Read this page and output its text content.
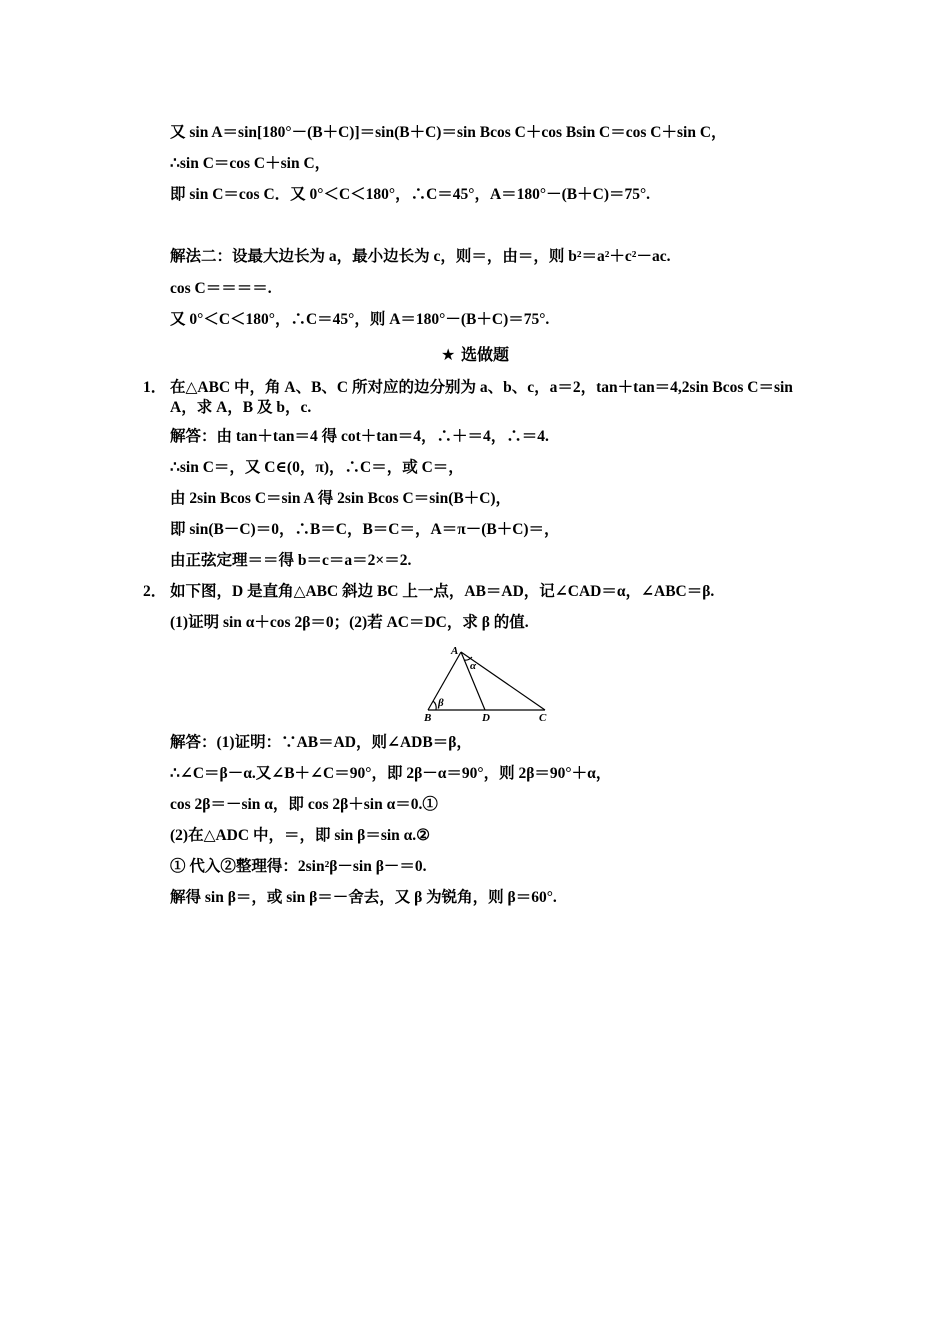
又 sin A＝sin[180°－(B＋C)]＝sin(B＋C)＝sin Bcos C＋cos Bsin C＝cos C＋sin C，
∴sin C＝cos C＋sin C，
即 sin C＝cos C．又 0°＜C＜180°，∴C＝45°，A＝180°－(B＋C)＝75°.
解法二：设最大边长为 a，最小边长为 c，则＝，由＝，则 b²＝a²＋c²－ac.
cos C＝＝＝＝.
又 0°＜C＜180°，∴C＝45°，则 A＝180°－(B＋C)＝75°.
★ 选做题
1． 在△ABC 中，角 A、B、C 所对应的边分别为 a、b、c，a＝2，tan＋tan＝4,2sin Bcos C＝sin A，求 A，B 及 b，c.
解答：由 tan＋tan＝4 得 cot＋tan＝4，∴＋＝4，∴＝4.
∴sin C＝，又 C∈(0，π)，∴C＝，或 C＝，
由 2sin Bcos C＝sin A 得 2sin Bcos C＝sin(B＋C)，
即 sin(B－C)＝0，∴B＝C，B＝C＝，A＝π－(B＋C)＝，
由正弦定理＝＝得 b＝c＝a＝2×＝2.
2． 如下图，D 是直角△ABC 斜边 BC 上一点，AB＝AD，记∠CAD＝α，∠ABC＝β.
(1)证明 sin α＋cos 2β＝0；(2)若 AC＝DC，求 β 的值.
A
B	D	C
α
β
解答：(1)证明：∵AB＝AD，则∠ADB＝β，
∴∠C＝β－α.又∠B＋∠C＝90°，即 2β－α＝90°，则 2β＝90°＋α，
cos 2β＝－sin α，即 cos 2β＋sin α＝0.①
(2)在△ADC 中，＝，即 sin β＝sin α.②
① 代入②整理得：2sin²β－sin β－＝0.
解得 sin β＝，或 sin β＝－舍去，又 β 为锐角，则 β＝60°.
